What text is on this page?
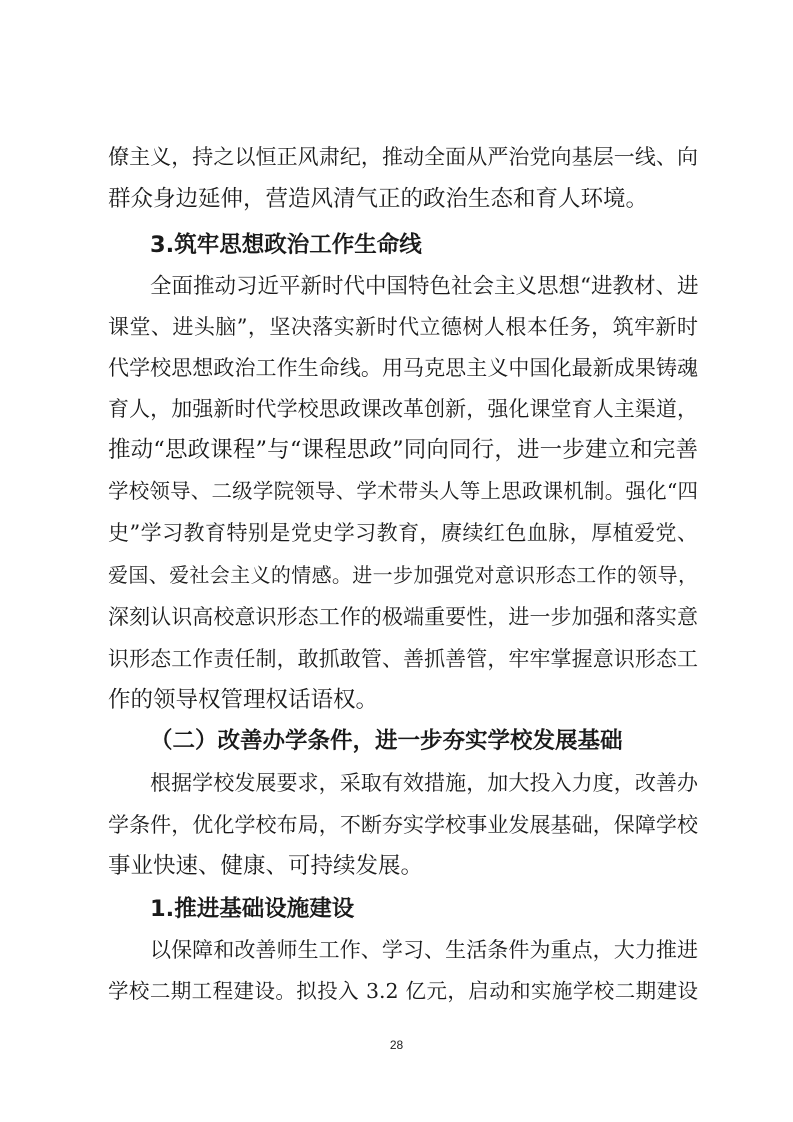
僚主义，持之以恒正风肃纪，推动全面从严治党向基层一线、向
群众身边延伸，营造风清气正的政治生态和育人环境。
3.筑牢思想政治工作生命线
全面推动习近平新时代中国特色社会主义思想“进教材、进
课堂、进头脑”，坚决落实新时代立德树人根本任务，筑牢新时
代学校思想政治工作生命线。用马克思主义中国化最新成果铸魂
育人，加强新时代学校思政课改革创新，强化课堂育人主渠道，
推动“思政课程”与“课程思政”同向同行，进一步建立和完善
学校领导、二级学院领导、学术带头人等上思政课机制。强化“四
史”学习教育特别是党史学习教育，赓续红色血脉，厚植爱党、
爱国、爱社会主义的情感。进一步加强党对意识形态工作的领导，
深刻认识高校意识形态工作的极端重要性，进一步加强和落实意
识形态工作责任制，敢抓敢管、善抓善管，牢牢掌握意识形态工
作的领导权管理权话语权。
（二）改善办学条件，进一步夯实学校发展基础
根据学校发展要求，采取有效措施，加大投入力度，改善办
学条件，优化学校布局，不断夯实学校事业发展基础，保障学校
事业快速、健康、可持续发展。
1.推进基础设施建设
以保障和改善师生工作、学习、生活条件为重点，大力推进
学校二期工程建设。拟投入 3.2 亿元，启动和实施学校二期建设
28
